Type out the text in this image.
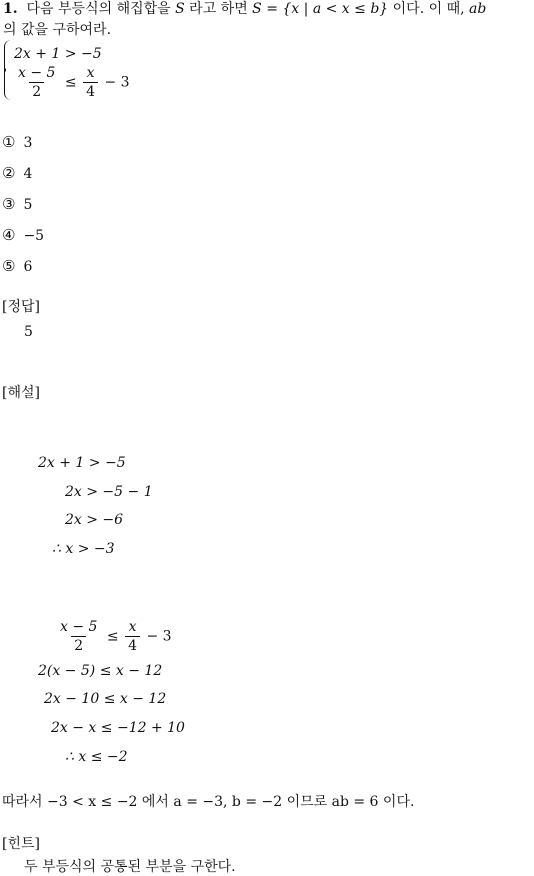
1. 다음 부등식의 해집합을 S 라고 하면 S = {x | a < x ≤ b} 이다. 이 때, ab
의 값을 구하여라.
2x + 1 > −5
$\frac{x - 5}{2} \le \frac{x}{4} - 3$
① 3
② 4
③ 5
④ −5
⑤ 6
[정답]
5
[해설]
2x + 1 > −5
2x > −5 − 1
2x > −6
∴ x > −3
$\frac{x - 5}{2} \le \frac{x}{4} - 3$
2(x − 5) ≤ x − 12
2x − 10 ≤ x − 12
2x − x ≤ −12 + 10
∴ x ≤ −2
따라서 −3 < x ≤ −2 에서 a = −3, b = −2 이므로 ab = 6 이다.
[힌트]
두 부등식의 공통된 부분을 구한다.
